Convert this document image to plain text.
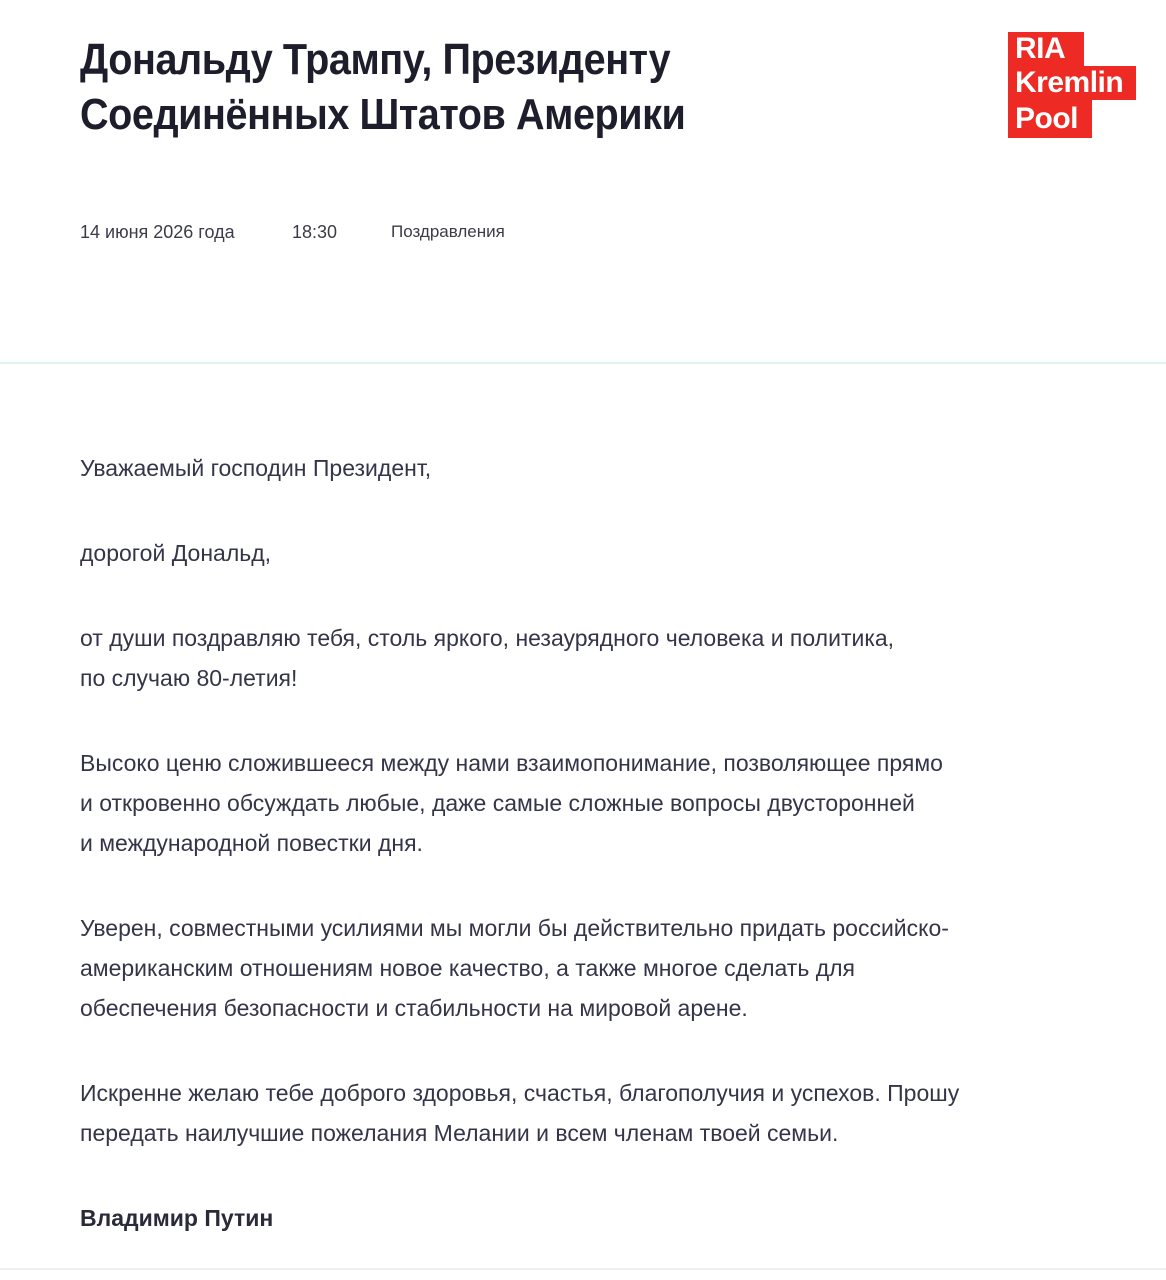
Дональду Трампу, Президенту Соединённых Штатов Америки
RIA
Kremlin
Pool
14 июня 2026 года	18:30	Поздравления

Уважаемый господин Президент,

дорогой Дональд,

от души поздравляю тебя, столь яркого, незаурядного человека и политика,
по случаю 80-летия!

Высоко ценю сложившееся между нами взаимопонимание, позволяющее прямо
и откровенно обсуждать любые, даже самые сложные вопросы двусторонней
и международной повестки дня.

Уверен, совместными усилиями мы могли бы действительно придать российско-
американским отношениям новое качество, а также многое сделать для
обеспечения безопасности и стабильности на мировой арене.

Искренне желаю тебе доброго здоровья, счастья, благополучия и успехов. Прошу
передать наилучшие пожелания Мелании и всем членам твоей семьи.

Владимир Путин
